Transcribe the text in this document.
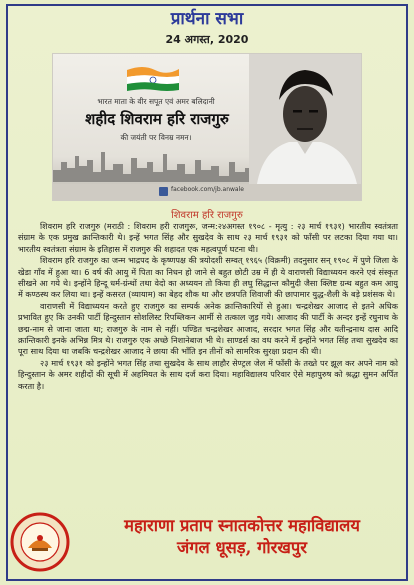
प्रार्थना सभा
24 अगस्त, 2020
भारत माता के वीर सपूत एवं अमर बलिदानी
शहीद शिवराम हरि राजगुरु
की जयंती पर विनम्र नमन।
facebook.com/jb.anwale
शिवराम हरि राजगुरु

शिवराम हरि राजगुरु (मराठी : शिवराम हरी राजगुरू, जन्म:२४अगस्त १९०८ - मृत्यु : २३ मार्च १९३१) भारतीय स्वतंत्रता संग्राम के एक प्रमुख क्रान्तिकारी थे। इन्हें भगत सिंह और सुखदेव के साथ २३ मार्च १९३१ को फाँसी पर लटका दिया गया था। भारतीय स्वतंत्रता संग्राम के इतिहास में राजगुरु की शहादत एक महत्वपूर्ण घटना थी।

शिवराम हरि राजगुरु का जन्म भाद्रपद के कृष्णपक्ष की त्रयोदशी सम्वत् १९६५ (विक्रमी) तदनुसार सन् १९०८ में पुणे जिला के खेडा गाँव में हुआ था। 6 वर्ष की आयु में पिता का निधन हो जाने से बहुत छोटी उम्र में ही ये वाराणसी विद्याध्ययन करने एवं संस्कृत सीखने आ गये थे। इन्होंने हिन्दू धर्म-ग्रंन्थों तथा वेदो का अध्ययन तो किया ही लघु सिद्धान्त कौमुदी जैसा क्लिष्ट ग्रन्थ बहुत कम आयु में कण्ठस्थ कर लिया था। इन्हें कसरत (व्यायाम) का बेहद शौक था और छत्रपति शिवाजी की छापामार युद्ध-शैली के बड़े प्रशंसक थे।

वाराणसी में विद्याध्ययन करते हुए राजगुरु का सम्पर्क अनेक क्रान्तिकारियों से हुआ। चन्द्रशेखर आजाद से इतने अधिक प्रभावित हुए कि उनकी पार्टी हिन्दुस्तान सोशलिस्ट रिपब्लिकन आर्मी से तत्काल जुड़ गये। आजाद की पार्टी के अन्दर इन्हें रघुनाथ के छद्म-नाम से जाना जाता था; राजगुरु के नाम से नहीं। पण्डित चन्द्रशेखर आजाद, सरदार भगत सिंह और यतीन्द्रनाथ दास आदि क्रान्तिकारी इनके अभिन्न मित्र थे। राजगुरु एक अच्छे निशानेबाज भी थे। साण्डर्स का वध करने में इन्होंने भगत सिंह तथा सुखदेव का पूरा साथ दिया था जबकि चन्द्रशेखर आजाद ने छाया की भाँति इन तीनों को सामरिक सुरक्षा प्रदान की थी।

२३ मार्च १९३१ को इन्होंने भगत सिंह तथा सुखदेव के साथ लाहौर सेण्ट्रल जेल में फाँसी के तख्ते पर झूल कर अपने नाम को हिन्दुस्तान के अमर शहीदों की सूची में अहमियत के साथ दर्ज करा दिया। महाविद्यालय परिवार ऐसे महापुरुष को श्रद्धा सुमन अर्पित करता है।

महाराणा प्रताप स्नातकोत्तर महाविद्यालय
जंगल धूसड़, गोरखपुर
